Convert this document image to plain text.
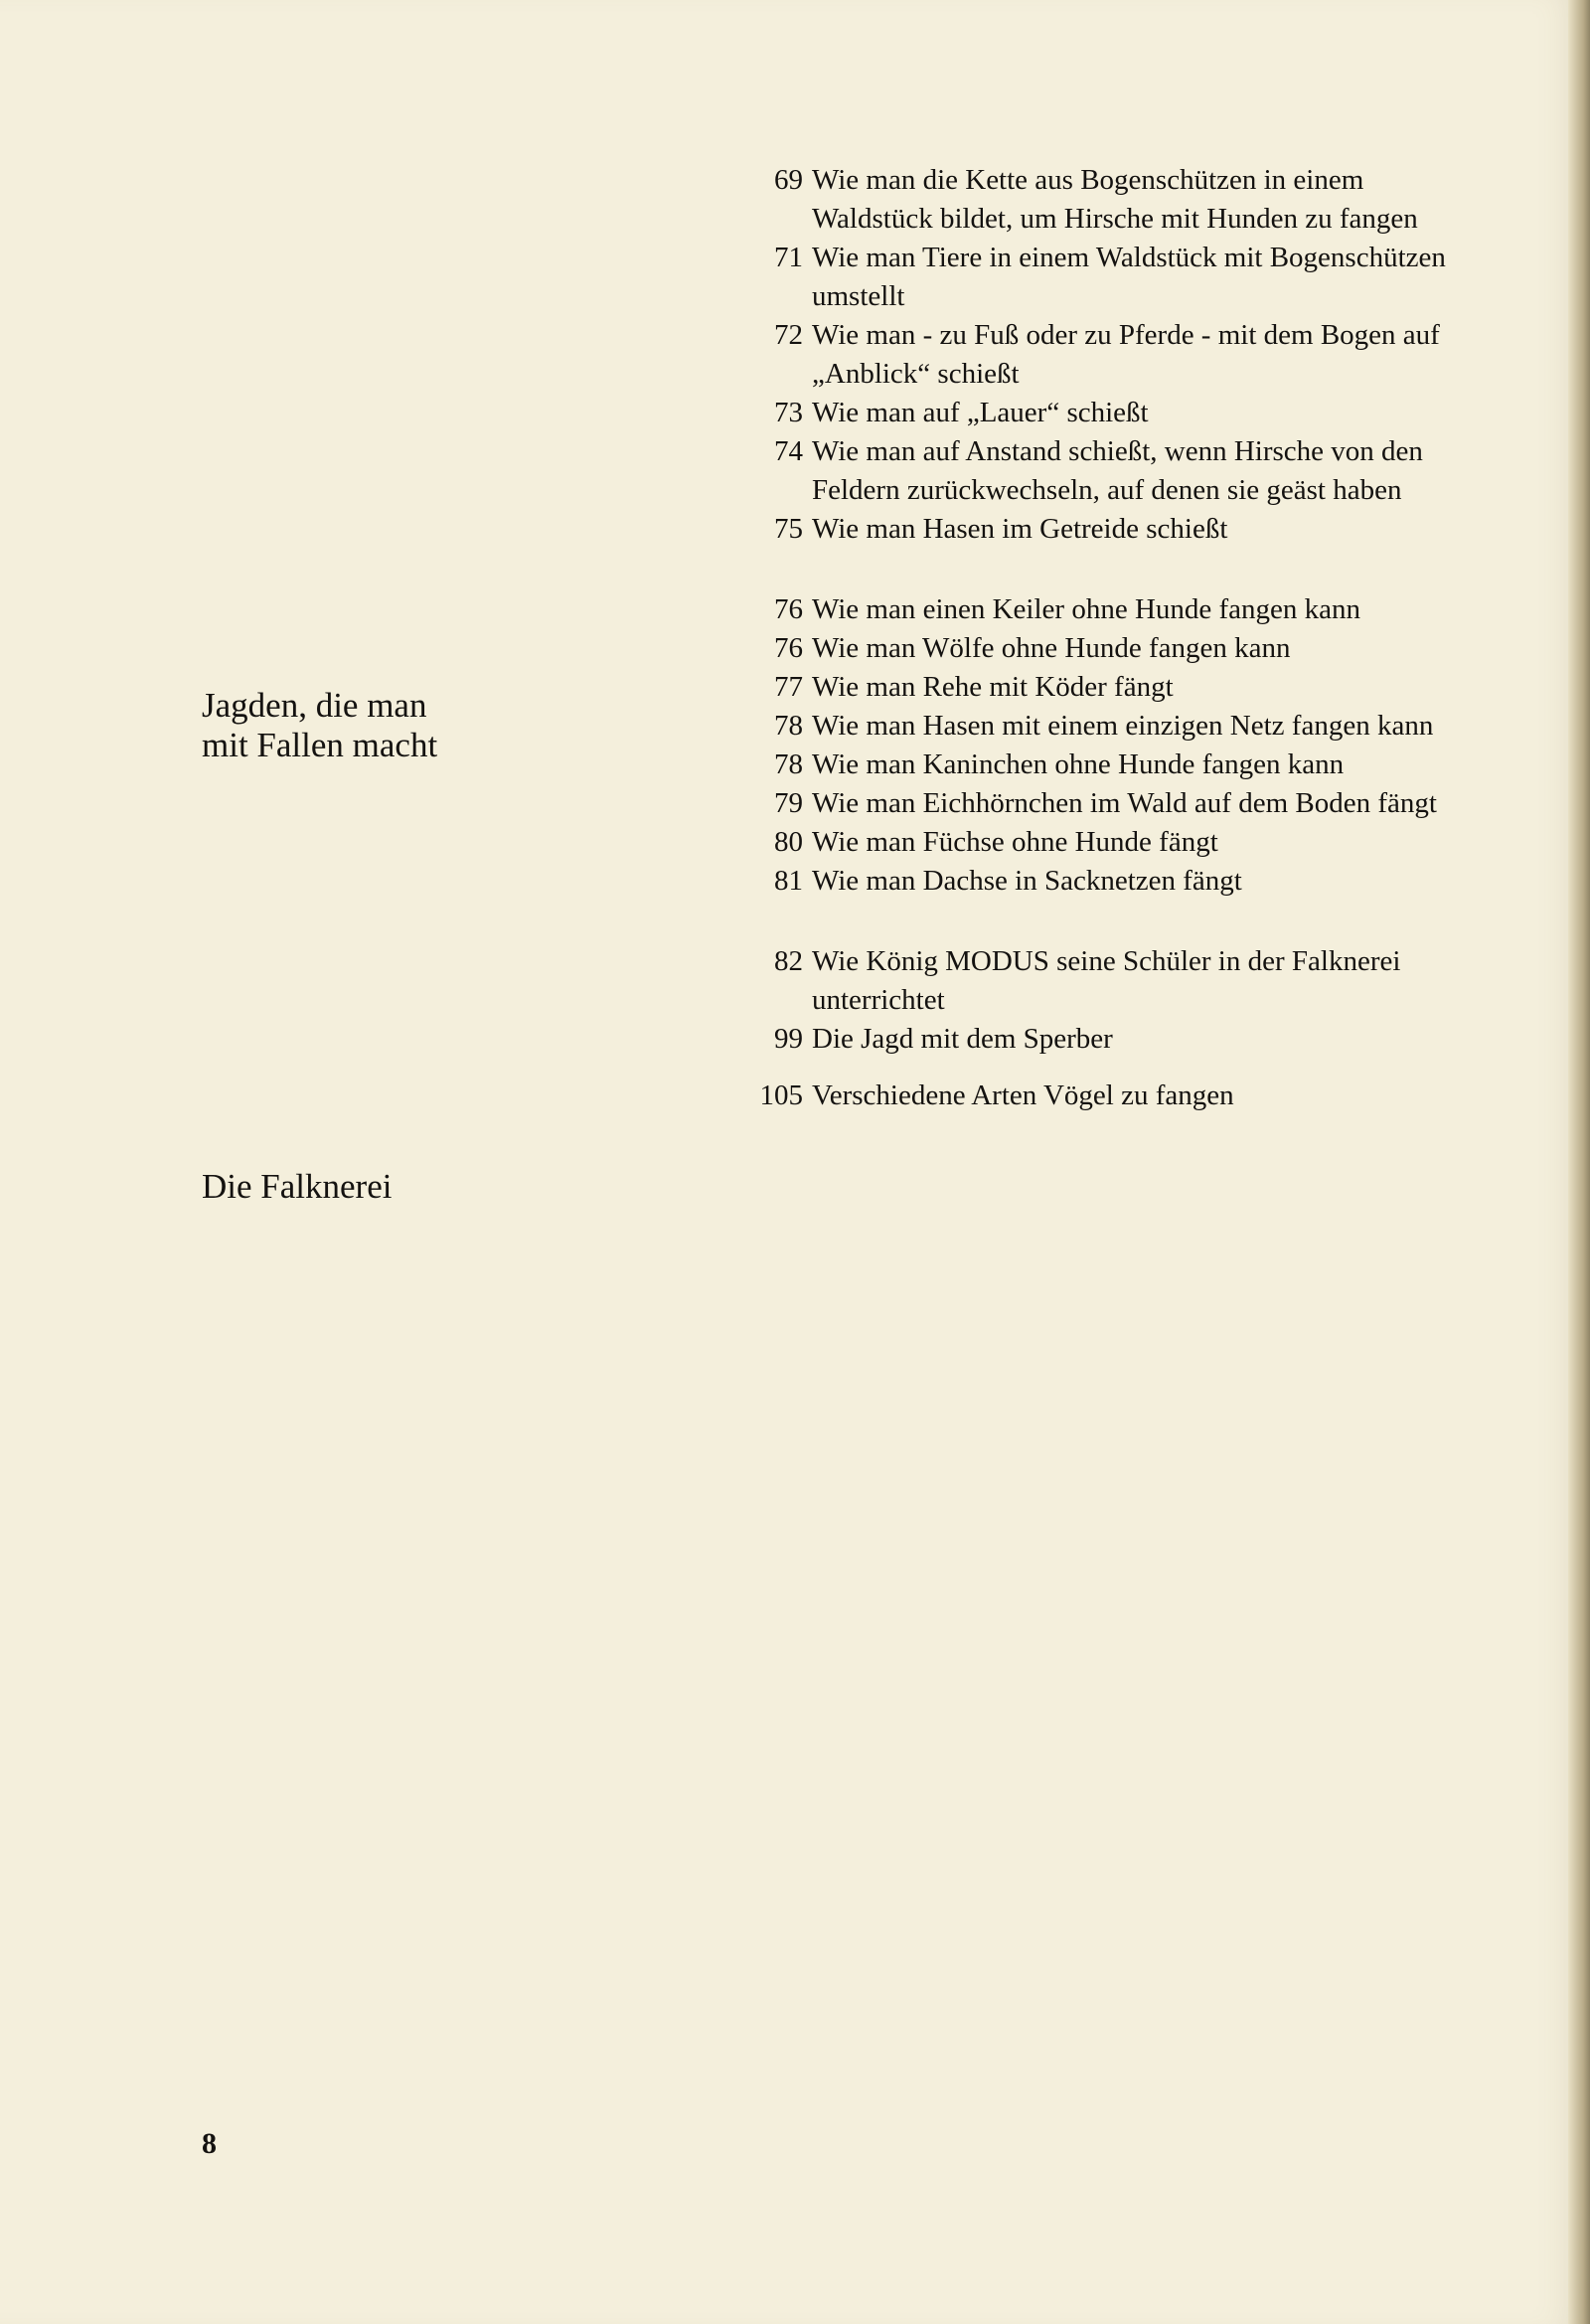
Jagden, die man
mit Fallen macht
Die Falknerei
69 Wie man die Kette aus Bogenschützen in einem Waldstück bildet, um Hirsche mit Hunden zu fangen
71 Wie man Tiere in einem Waldstück mit Bogenschützen umstellt
72 Wie man - zu Fuß oder zu Pferde - mit dem Bogen auf „Anblick“ schießt
73 Wie man auf „Lauer“ schießt
74 Wie man auf Anstand schießt, wenn Hirsche von den Feldern zurückwechseln, auf denen sie geäst haben
75 Wie man Hasen im Getreide schießt
76 Wie man einen Keiler ohne Hunde fangen kann
76 Wie man Wölfe ohne Hunde fangen kann
77 Wie man Rehe mit Köder fängt
78 Wie man Hasen mit einem einzigen Netz fangen kann
78 Wie man Kaninchen ohne Hunde fangen kann
79 Wie man Eichhörnchen im Wald auf dem Boden fängt
80 Wie man Füchse ohne Hunde fängt
81 Wie man Dachse in Sacknetzen fängt
82 Wie König MODUS seine Schüler in der Falknerei unterrichtet
99 Die Jagd mit dem Sperber
105 Verschiedene Arten Vögel zu fangen
8
